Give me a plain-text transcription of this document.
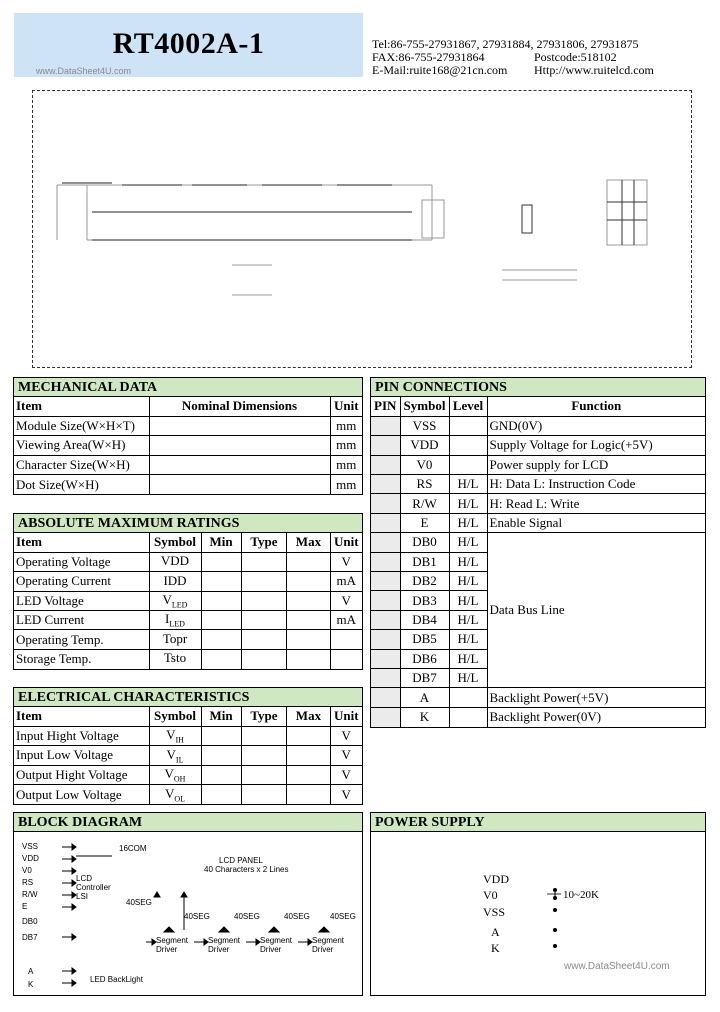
RT4002A-1
www.DataSheet4U.com
Tel:86-755-27931867, 27931884, 27931806, 27931875
FAX:86-755-27931864	Postcode:518102
E-Mail:ruite168@21cn.com Http://www.ruitelcd.com
MECHANICAL DATA
Item	Nominal Dimensions	Unit
Module Size(W×H×T)		mm
Viewing Area(W×H)		mm
Character Size(W×H)		mm
Dot Size(W×H)		mm
ABSOLUTE MAXIMUM RATINGS
Item	Symbol	Min	Type	Max	Unit
Operating Voltage	VDD				V
Operating Current	IDD				mA
LED Voltage	$V_{LED}$				V
LED Current	$I_{LED}$				mA
Operating Temp.	Topr				
Storage Temp.	Tsto				
ELECTRICAL CHARACTERISTICS
Item	Symbol	Min	Type	Max	Unit
Input Hight Voltage	$V_{IH}$				V
Input Low Voltage	$V_{IL}$				V
Output Hight Voltage	$V_{OH}$				V
Output Low Voltage	$V_{OL}$				V
PIN CONNECTIONS
PIN	Symbol	Level	Function
	VSS		GND(0V)
	VDD		Supply Voltage for Logic(+5V)
	V0		Power supply for LCD
	RS	H/L	H: Data L: Instruction Code
	R/W	H/L	H: Read L: Write
	E	H/L	Enable Signal
	DB0	H/L	Data Bus Line
	DB1	H/L	
	DB2	H/L	
	DB3	H/L	
	DB4	H/L	
	DB5	H/L	
	DB6	H/L	
	DB7	H/L	
	A		Backlight Power(+5V)
	K		Backlight Power(0V)
BLOCK DIAGRAM
VSS
VDD
V0
RS
R/W
E
DB0
DB7
A
K
16COM
LCD PANEL
40 Characters x 2 Lines
LCD
Controller
LSI
40SEG
40SEG	40SEG	40SEG	40SEG
Segment
Driver
Segment
Driver
Segment
Driver
Segment
Driver
LED BackLight
POWER SUPPLY
VDD
V0
VSS
A
K
10~20K
www.DataSheet4U.com
